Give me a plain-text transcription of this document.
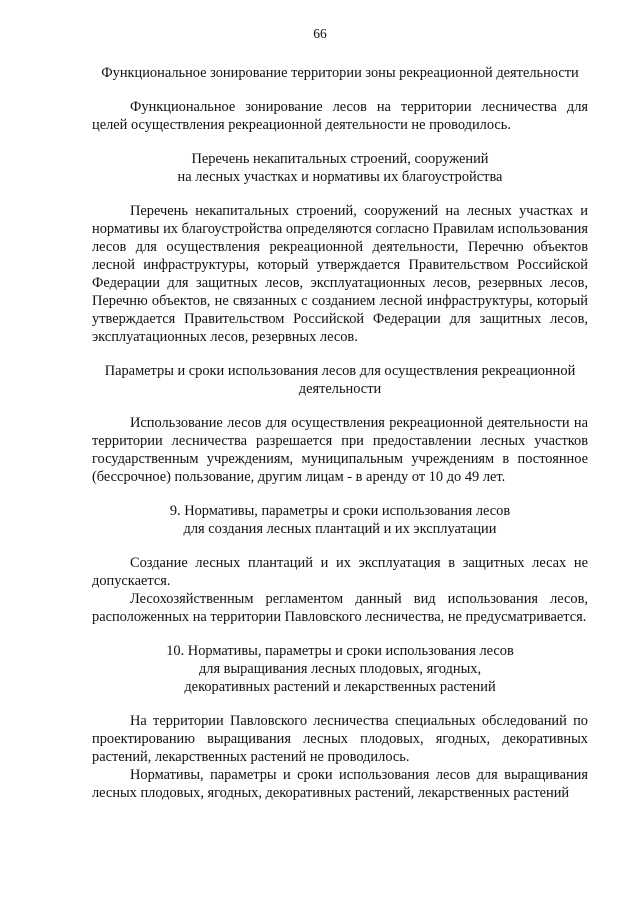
66

Функциональное зонирование территории зоны рекреационной деятельности

Функциональное зонирование лесов на территории лесничества для целей осуществления рекреационной деятельности не проводилось.

Перечень некапитальных строений, сооружений
на лесных участках и нормативы их благоустройства

Перечень некапитальных строений, сооружений на лесных участках и нормативы их благоустройства определяются согласно Правилам использования лесов для осуществления рекреационной деятельности, Перечню объектов лесной инфраструктуры, который утверждается Правительством Российской Федерации для защитных лесов, эксплуатационных лесов, резервных лесов, Перечню объектов, не связанных с созданием лесной инфраструктуры, который утверждается Правительством Российской Федерации для защитных лесов, эксплуатационных лесов, резервных лесов.

Параметры и сроки использования лесов для осуществления рекреационной
деятельности

Использование лесов для осуществления рекреационной деятельности на территории лесничества разрешается при предоставлении лесных участков государственным учреждениям, муниципальным учреждениям в постоянное (бессрочное) пользование, другим лицам - в аренду от 10 до 49 лет.

9. Нормативы, параметры и сроки использования лесов
для создания лесных плантаций и их эксплуатации

Создание лесных плантаций и их эксплуатация в защитных лесах не допускается.

Лесохозяйственным регламентом данный вид использования лесов, расположенных на территории Павловского лесничества, не предусматривается.

10. Нормативы, параметры и сроки использования лесов
для выращивания лесных плодовых, ягодных,
декоративных растений и лекарственных растений

На территории Павловского лесничества специальных обследований по проектированию выращивания лесных плодовых, ягодных, декоративных растений, лекарственных растений не проводилось.

Нормативы, параметры и сроки использования лесов для выращивания лесных плодовых, ягодных, декоративных растений, лекарственных растений
